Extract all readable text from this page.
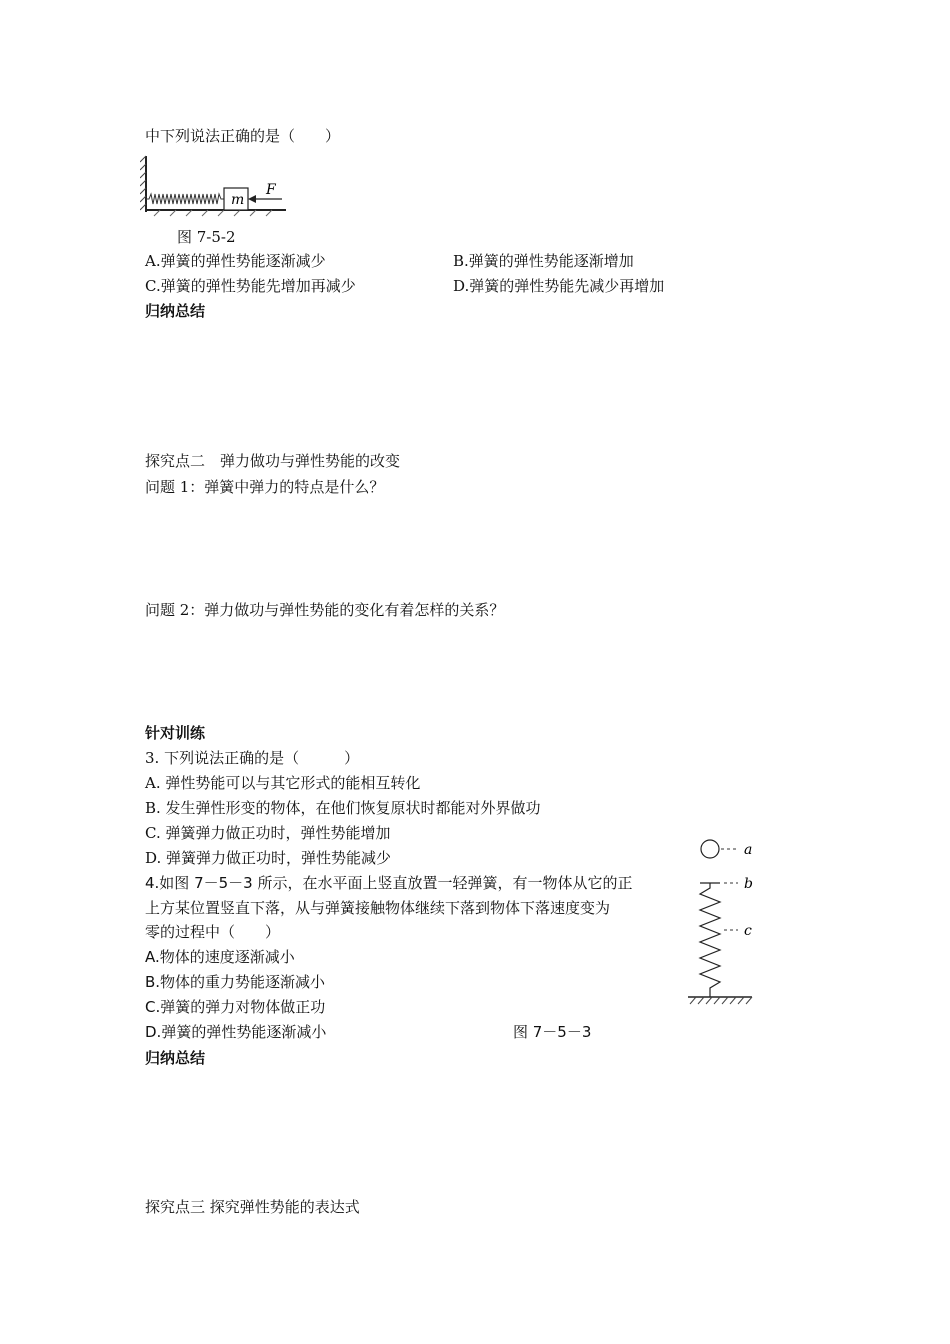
中下列说法正确的是（　　）
m
F
图 7-5-2
A.弹簧的弹性势能逐渐减少	B.弹簧的弹性势能逐渐增加
C.弹簧的弹性势能先增加再减少	D.弹簧的弹性势能先减少再增加
归纳总结
探究点二　弹力做功与弹性势能的改变
问题 1：弹簧中弹力的特点是什么？
问题 2：弹力做功与弹性势能的变化有着怎样的关系？
针对训练
3. 下列说法正确的是（　　　）
A. 弹性势能可以与其它形式的能相互转化
B. 发生弹性形变的物体，在他们恢复原状时都能对外界做功
C. 弹簧弹力做正功时，弹性势能增加
D. 弹簧弹力做正功时，弹性势能减少
4.如图 7－5－3 所示，在水平面上竖直放置一轻弹簧，有一物体从它的正
上方某位置竖直下落，从与弹簧接触物体继续下落到物体下落速度变为
零的过程中（　　）
A.物体的速度逐渐减小
B.物体的重力势能逐渐减小
C.弹簧的弹力对物体做正功
D.弹簧的弹性势能逐渐减小	图 7－5－3
a
b
c
归纳总结
探究点三 探究弹性势能的表达式
